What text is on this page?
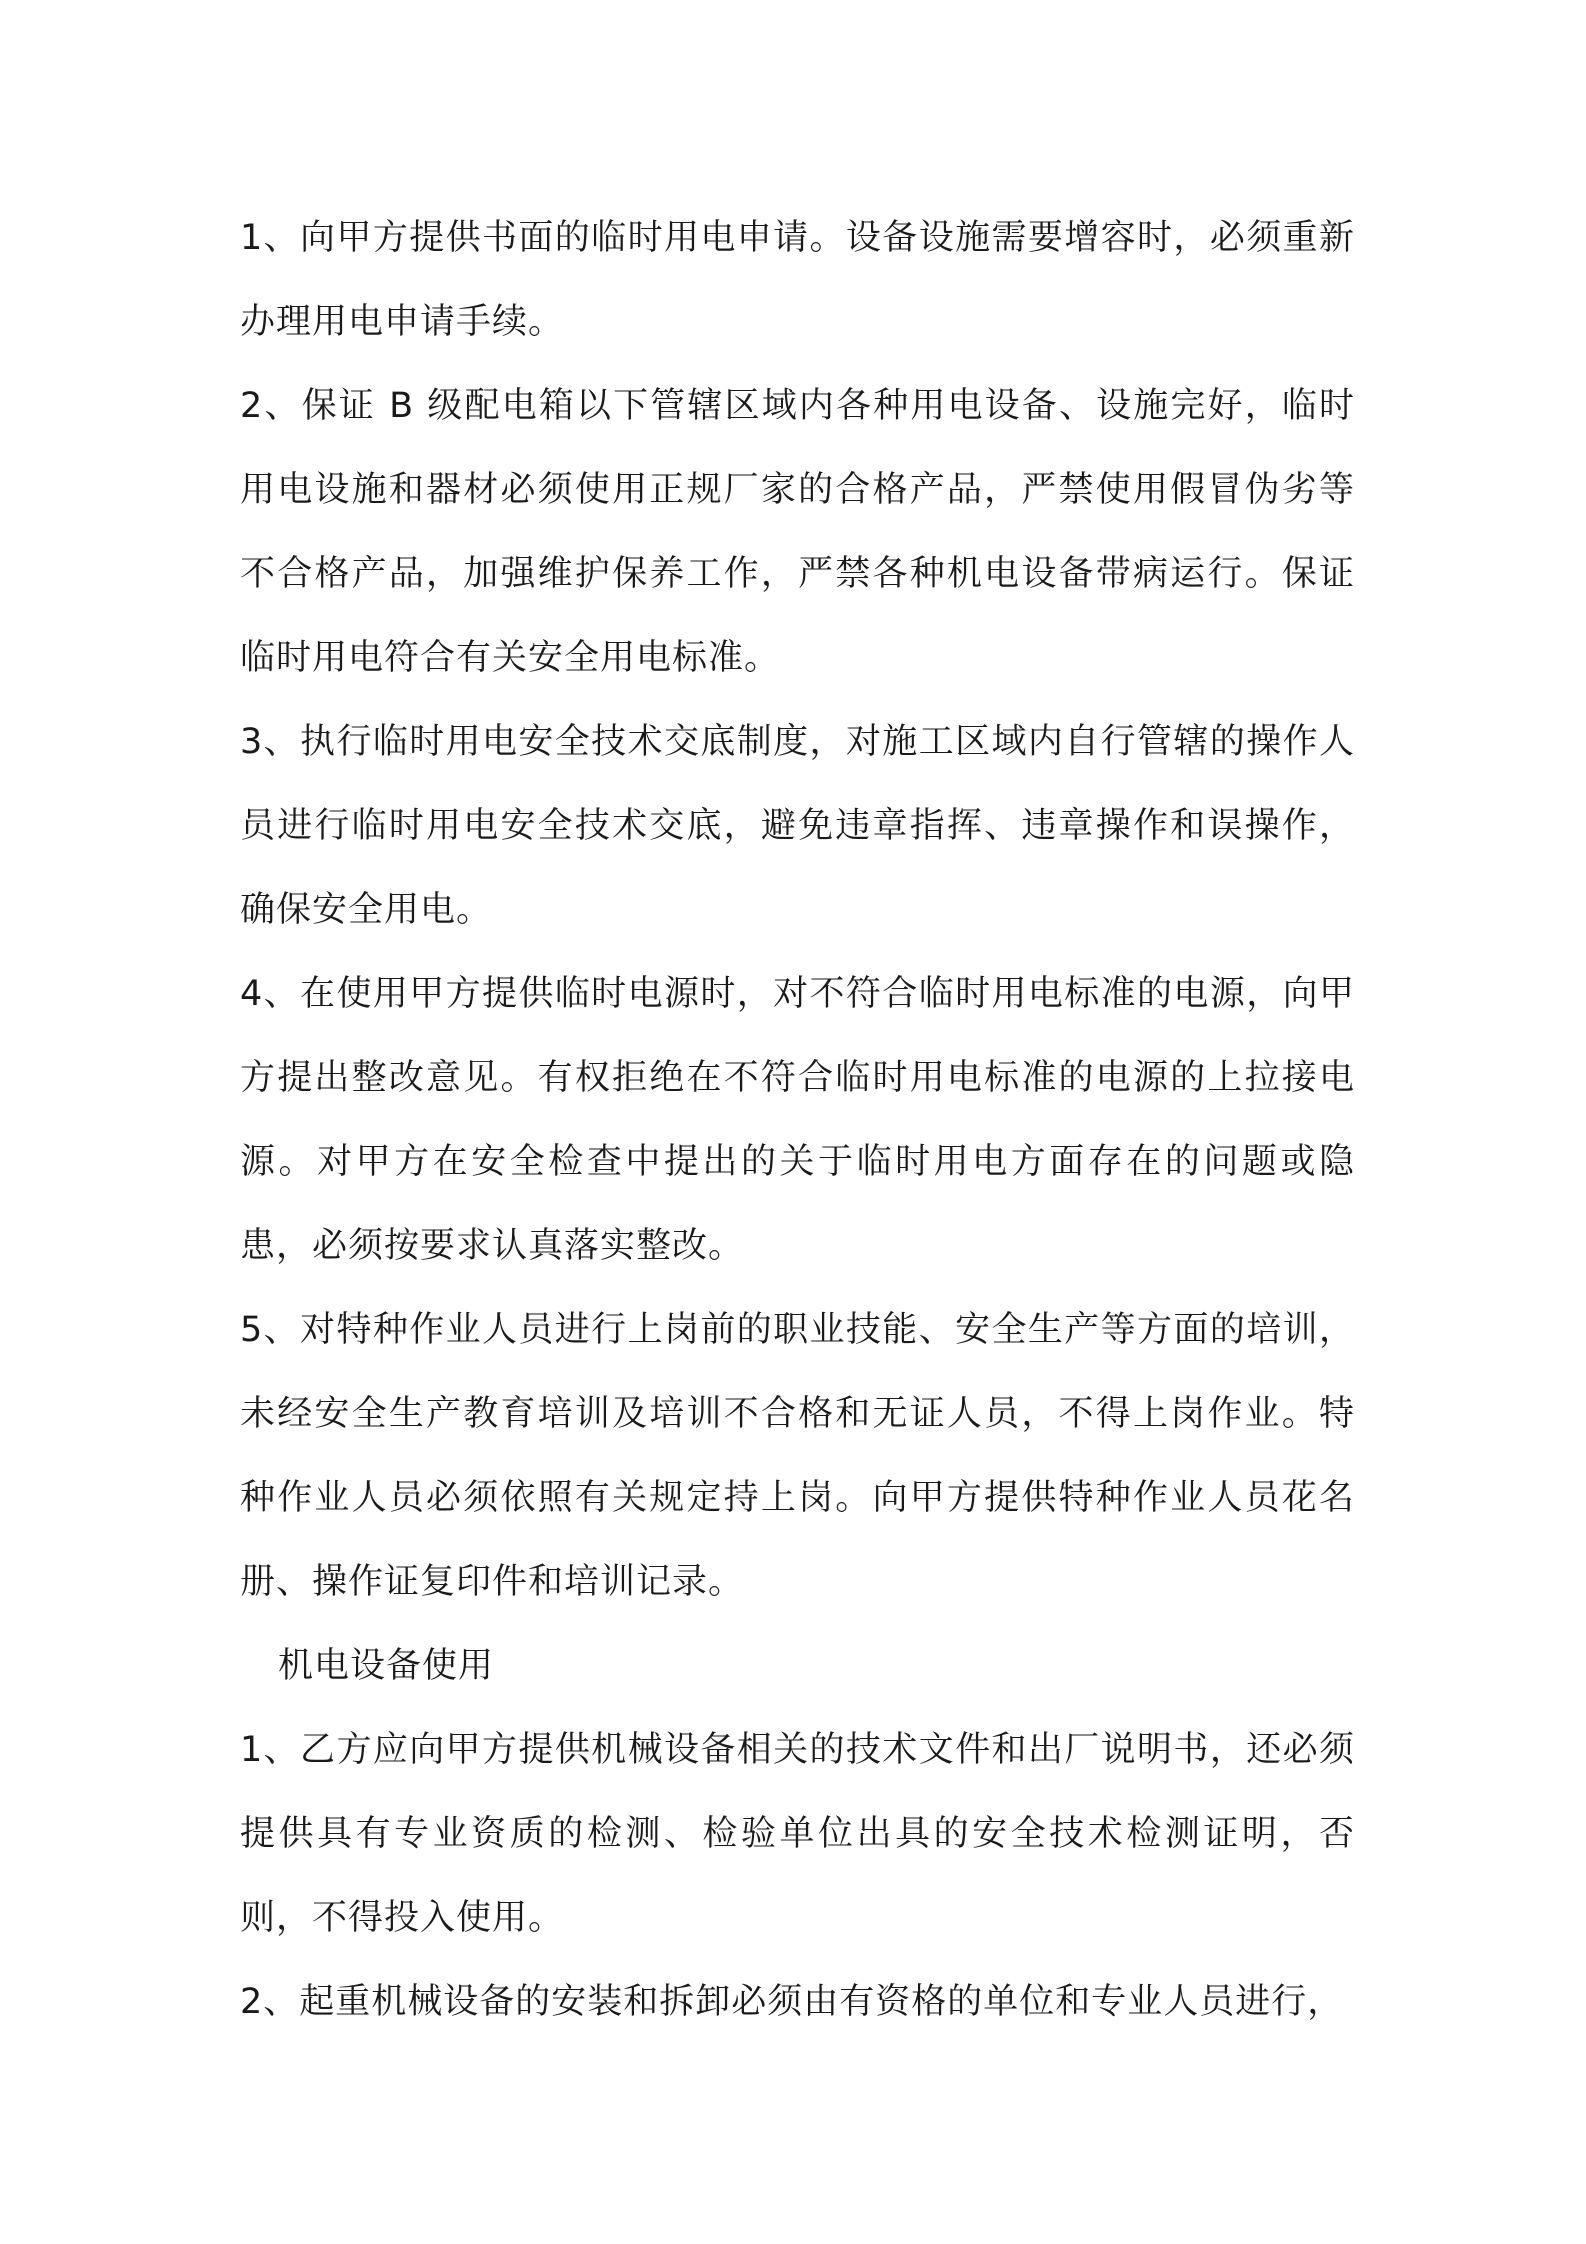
1、向甲方提供书面的临时用电申请。设备设施需要增容时，必须重新办理用电申请手续。

2、保证 B 级配电箱以下管辖区域内各种用电设备、设施完好，临时用电设施和器材必须使用正规厂家的合格产品，严禁使用假冒伪劣等不合格产品，加强维护保养工作，严禁各种机电设备带病运行。保证临时用电符合有关安全用电标准。

3、执行临时用电安全技术交底制度，对施工区域内自行管辖的操作人员进行临时用电安全技术交底，避免违章指挥、违章操作和误操作，确保安全用电。

4、在使用甲方提供临时电源时，对不符合临时用电标准的电源，向甲方提出整改意见。有权拒绝在不符合临时用电标准的电源的上拉接电源。对甲方在安全检查中提出的关于临时用电方面存在的问题或隐患，必须按要求认真落实整改。

5、对特种作业人员进行上岗前的职业技能、安全生产等方面的培训，未经安全生产教育培训及培训不合格和无证人员，不得上岗作业。特种作业人员必须依照有关规定持上岗。向甲方提供特种作业人员花名册、操作证复印件和培训记录。

机电设备使用

1、乙方应向甲方提供机械设备相关的技术文件和出厂说明书，还必须提供具有专业资质的检测、检验单位出具的安全技术检测证明，否则，不得投入使用。

2、起重机械设备的安装和拆卸必须由有资格的单位和专业人员进行，
